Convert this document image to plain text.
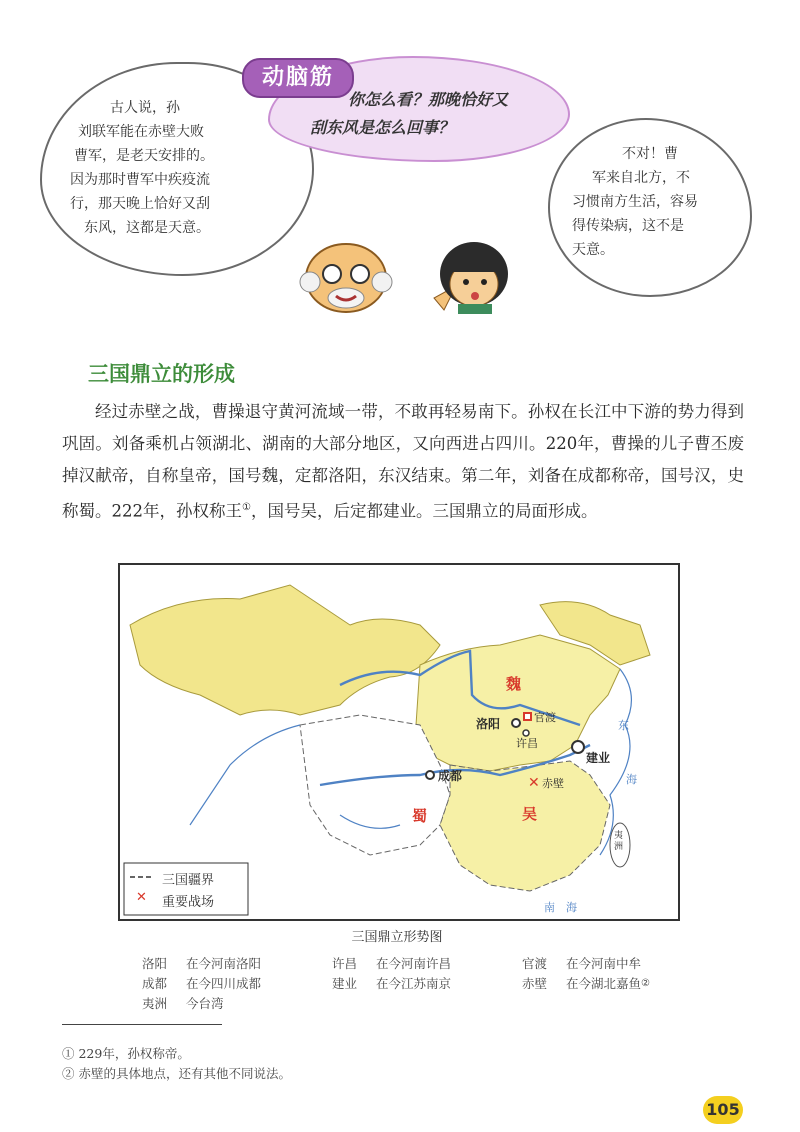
古人说，孙
刘联军能在赤壁大败
曹军，是老天安排的。
因为那时曹军中疾疫流
行，那天晚上恰好又刮
东风，这都是天意。
动脑筋
你怎么看？那晚恰好又
刮东风是怎么回事？
不对！曹
军来自北方，不
习惯南方生活，容易
得传染病，这不是
天意。
三国鼎立的形成

经过赤壁之战，曹操退守黄河流域一带，不敢再轻易南下。孙权在长江中下游的势力得到巩固。刘备乘机占领湖北、湖南的大部分地区，又向西进占四川。220年，曹操的儿子曹丕废掉汉献帝，自称皇帝，国号魏，定都洛阳，东汉结束。第二年，刘备在成都称帝，国号汉，史称蜀。222年，孙权称王①，国号吴，后定都建业。三国鼎立的局面形成。

✕
✕
魏
蜀	吴
洛阳
许昌
官渡
成都
建业
赤壁
东
海
南 海
夷
洲
三国疆界
重要战场
三国鼎立形势图
洛阳	在今河南洛阳	许昌	在今河南许昌	官渡	在今河南中牟
成都	在今四川成都	建业	在今江苏南京	赤壁	在今湖北嘉鱼 ②
夷洲	今台湾
① 229年，孙权称帝。
② 赤壁的具体地点，还有其他不同说法。
105
